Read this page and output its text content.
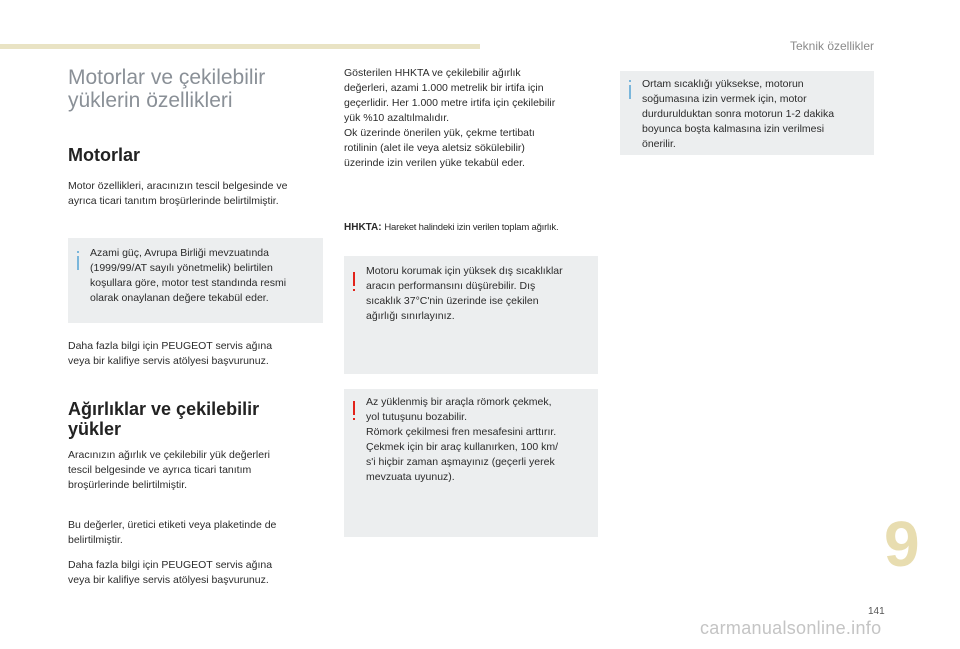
Teknik özellikler
Motorlar ve çekilebilir
yüklerin özellikleri
Motorlar
Motor özellikleri, aracınızın tescil belgesinde ve
ayrıca ticari tanıtım broşürlerinde belirtilmiştir.
Azami güç, Avrupa Birliği mevzuatında
(1999/99/AT sayılı yönetmelik) belirtilen
koşullara göre, motor test standında resmi
olarak onaylanan değere tekabül eder.
Daha fazla bilgi için PEUGEOT servis ağına
veya bir kalifiye servis atölyesi başvurunuz.
Ağırlıklar ve çekilebilir
yükler
Aracınızın ağırlık ve çekilebilir yük değerleri
tescil belgesinde ve ayrıca ticari tanıtım
broşürlerinde belirtilmiştir.
Bu değerler, üretici etiketi veya plaketinde de
belirtilmiştir.
Daha fazla bilgi için PEUGEOT servis ağına
veya bir kalifiye servis atölyesi başvurunuz.
Gösterilen HHKTA ve çekilebilir ağırlık
değerleri, azami 1.000 metrelik bir irtifa için
geçerlidir. Her 1.000 metre irtifa için çekilebilir
yük %10 azaltılmalıdır.
Ok üzerinde önerilen yük, çekme tertibatı
rotilinin (alet ile veya aletsiz sökülebilir)
üzerinde izin verilen yüke tekabül eder.
HHKTA: Hareket halindeki izin verilen toplam ağırlık.
Motoru korumak için yüksek dış sıcaklıklar
aracın performansını düşürebilir. Dış
sıcaklık 37°C'nin üzerinde ise çekilen
ağırlığı sınırlayınız.
Az yüklenmiş bir araçla römork çekmek,
yol tutuşunu bozabilir.
Römork çekilmesi fren mesafesini arttırır.
Çekmek için bir araç kullanırken, 100 km/
s'i hiçbir zaman aşmayınız (geçerli yerek
mevzuata uyunuz).
Ortam sıcaklığı yüksekse, motorun
soğumasına izin vermek için, motor
durdurulduktan sonra motorun 1-2 dakika
boyunca boşta kalmasına izin verilmesi
önerilir.
9
141
carmanualsonline.info
